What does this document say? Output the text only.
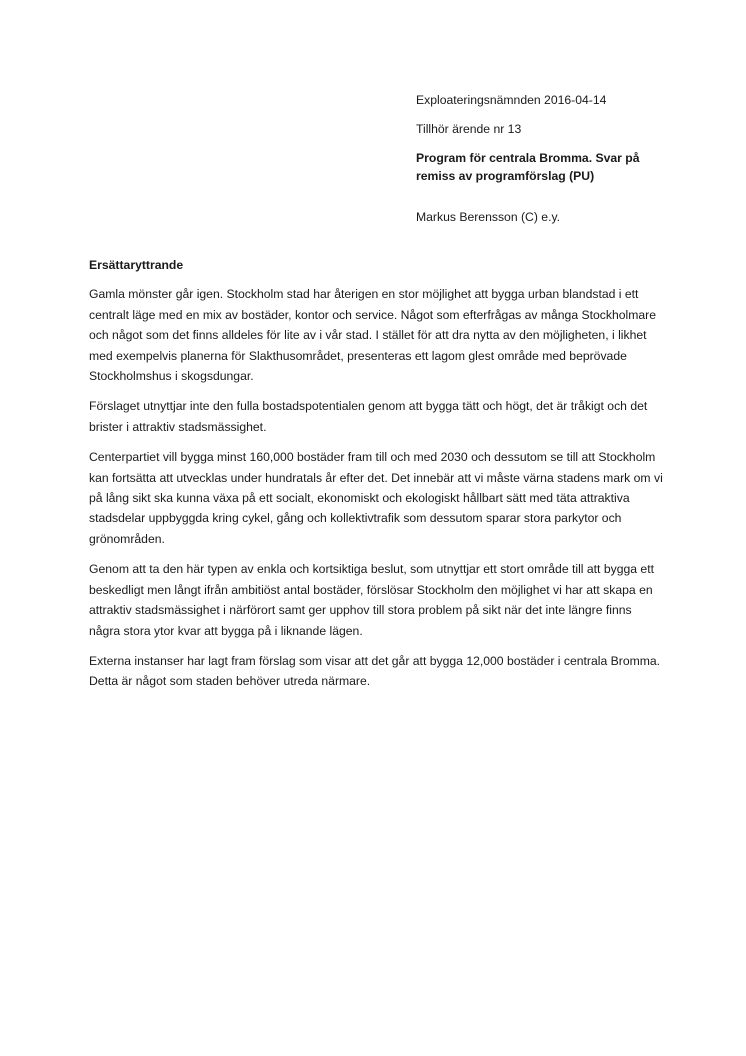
Exploateringsnämnden 2016-04-14

Tillhör ärende nr 13

Program för centrala Bromma. Svar på remiss av programförslag (PU)

Markus Berensson (C) e.y.

Ersättaryttrande

Gamla mönster går igen. Stockholm stad har återigen en stor möjlighet att bygga urban blandstad i ett centralt läge med en mix av bostäder, kontor och service. Något som efterfrågas av många Stockholmare och något som det finns alldeles för lite av i vår stad. I stället för att dra nytta av den möjligheten, i likhet med exempelvis planerna för Slakthusområdet, presenteras ett lagom glest område med beprövade Stockholmshus i skogsdungar.

Förslaget utnyttjar inte den fulla bostadspotentialen genom att bygga tätt och högt, det är tråkigt och det brister i attraktiv stadsmässighet.

Centerpartiet vill bygga minst 160,000 bostäder fram till och med 2030 och dessutom se till att Stockholm kan fortsätta att utvecklas under hundratals år efter det. Det innebär att vi måste värna stadens mark om vi på lång sikt ska kunna växa på ett socialt, ekonomiskt och ekologiskt hållbart sätt med täta attraktiva stadsdelar uppbyggda kring cykel, gång och kollektivtrafik som dessutom sparar stora parkytor och grönområden.

Genom att ta den här typen av enkla och kortsiktiga beslut, som utnyttjar ett stort område till att bygga ett beskedligt men långt ifrån ambitiöst antal bostäder, förslösar Stockholm den möjlighet vi har att skapa en attraktiv stadsmässighet i närförort samt ger upphov till stora problem på sikt när det inte längre finns några stora ytor kvar att bygga på i liknande lägen.

Externa instanser har lagt fram förslag som visar att det går att bygga 12,000 bostäder i centrala Bromma. Detta är något som staden behöver utreda närmare.
